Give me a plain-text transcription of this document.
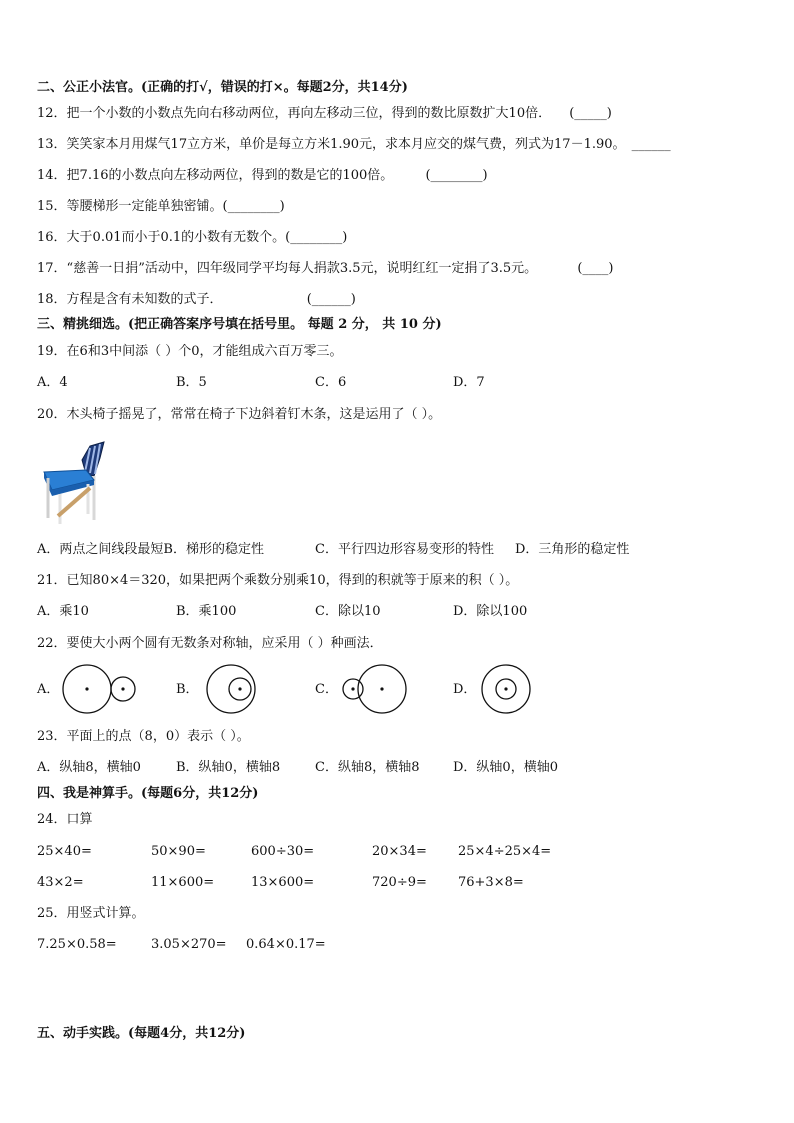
二、公正小法官。(正确的打√，错误的打×。每题2分，共14分)
12．把一个小数的小数点先向右移动两位，再向左移动三位，得到的数比原数扩大10倍． (_____)
13．笑笑家本月用煤气17立方米，单价是每立方米1.90元，求本月应交的煤气费，列式为17－1.90。 ______
14．把7.16的小数点向左移动两位，得到的数是它的100倍。 (________)
15．等腰梯形一定能单独密铺。(________)
16．大于0.01而小于0.1的小数有无数个。(________)
17．“慈善一日捐”活动中，四年级同学平均每人捐款3.5元，说明红红一定捐了3.5元。	(____)
18．方程是含有未知数的式子．	(______)
三、精挑细选。(把正确答案序号填在括号里。 每题 2 分， 共 10 分)
19．在6和3中间添（ ）个0，才能组成六百万零三。
A．4	B．5	C．6	D．7
20．木头椅子摇晃了，常常在椅子下边斜着钉木条，这是运用了（ ）。
A．两点之间线段最短B．梯形的稳定性	C．平行四边形容易变形的特性 D．三角形的稳定性
21．已知80×4＝320，如果把两个乘数分别乘10，得到的积就等于原来的积（ ）。
A．乘10	B．乘100	C．除以10	D．除以100
22．要使大小两个圆有无数条对称轴，应采用（ ）种画法．
A．	B．	C．	D．
23．平面上的点（8，0）表示（ ）。
A．纵轴8，横轴0	B．纵轴0，横轴8	C．纵轴8，横轴8	D．纵轴0，横轴0
四、我是神算手。(每题6分，共12分)
24．口算
25×40=	50×90=	600÷30=	20×34= 25×4÷25×4=
43×2=	11×600=	13×600=	720÷9= 76+3×8=
25．用竖式计算。
7.25×0.58=	3.05×270= 0.64×0.17=
五、动手实践。(每题4分，共12分)
